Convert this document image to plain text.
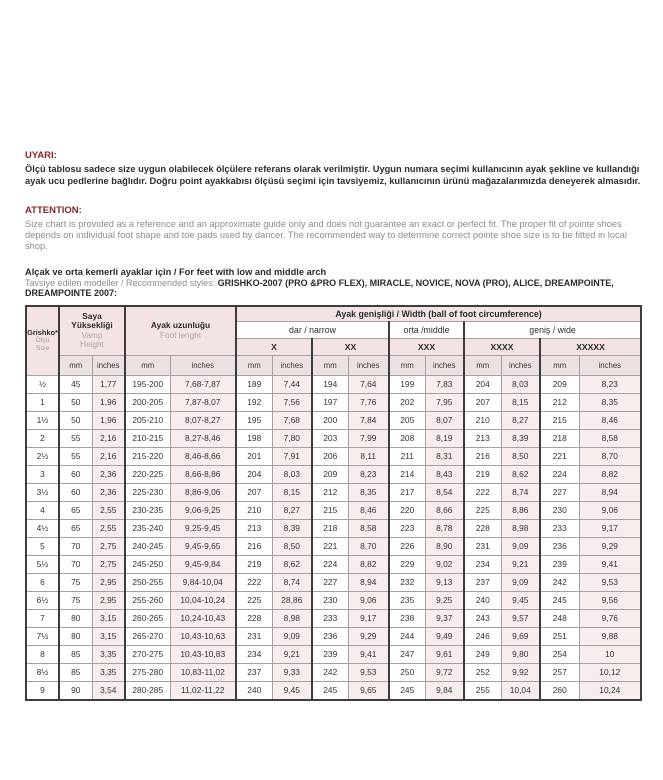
UYARI:

Ölçü tablosu sadece size uygun olabilecek ölçülere referans olarak verilmiştir. Uygun numara seçimi kullanıcının ayak şekline ve kullandığı ayak ucu pedlerine bağlıdır. Doğru point ayakkabısı ölçüsü seçimi için tavsiyemiz, kullanıcının ürünü mağazalarımızda deneyerek almasıdır.

ATTENTION:

Size chart is provided as a reference and an approximate guide only and does not guarantee an exact or perfect fit. The proper fit of pointe shoes depends on individual foot shape and toe pads used by dancer. The recommended way to determine correct pointe shoe size is to be fitted in local shop.

Alçak ve orta kemerli ayaklar için / For feet with low and middle arch

Tavsiye edilen modeller / Recommended styles: GRISHKO-2007 (PRO &PRO FLEX), MIRACLE, NOVICE, NOVA (PRO), ALICE, DREAMPOINTE, DREAMPOINTE 2007:

Grishko*
Ölçü
Size

Saya Yüksekliği
Vamp Height

Ayak uzunluğu
Foot lenght
	Ayak genişliği / Width (ball of foot circumference)
					dar / narrow				orta /middle		geniş / wide			
					X		XX		XXX		XXXX		XXXXX	
	mm	inches	mm	inches	mm	inches	mm	inches	mm	inches	mm	inches	mm	inches
½	45	1,77	195-200	7,68-7,87	189	7,44	194	7,64	199	7,83	204	8,03	209	8,23
1	50	1,96	200-205	7,87-8,07	192	7,56	197	7,76	202	7,95	207	8,15	212	8,35
1½	50	1,96	205-210	8,07-8,27	195	7,68	200	7,84	205	8,07	210	8,27	215	8,46
2	55	2,16	210-215	8,27-8,46	198	7,80	203	7,99	208	8,19	213	8,39	218	8,58
2½	55	2,16	215-220	8,46-8,66	201	7,91	206	8,11	211	8,31	216	8,50	221	8,70
3	60	2,36	220-225	8,66-8,86	204	8,03	209	8,23	214	8,43	219	8,62	224	8,82
3½	60	2,36	225-230	8,86-9,06	207	8,15	212	8,35	217	8,54	222	8,74	227	8,94
4	65	2,55	230-235	9,06-9,25	210	8,27	215	8,46	220	8,66	225	8,86	230	9,06
4½	65	2,55	235-240	9,25-9,45	213	8,39	218	8,58	223	8,78	228	8,98	233	9,17
5	70	2,75	240-245	9,45-9,65	216	8,50	221	8,70	226	8,90	231	9,09	236	9,29
5½	70	2,75	245-250	9,45-9,84	219	8,62	224	8,82	229	9,02	234	9,21	239	9,41
6	75	2,95	250-255	9,84-10,04	222	8,74	227	8,94	232	9,13	237	9,09	242	9,53
6½	75	2,95	255-260	10,04-10,24	225	28,86	230	9,06	235	9,25	240	9,45	245	9,56
7	80	3,15	260-265	10,24-10,43	228	8,98	233	9,17	238	9,37	243	9,57	248	9,76
7½	80	3,15	265-270	10,43-10,63	231	9,09	236	9,29	244	9,49	246	9,69	251	9,88
8	85	3,35	270-275	10,43-10,83	234	9,21	239	9,41	247	9,61	249	9,80	254	10
8½	85	3,35	275-280	10,83-11,02	237	9,33	242	9,53	250	9,72	252	9,92	257	10,12
9	90	3,54	280-285	11,02-11,22	240	9,45	245	9,65	245	9,84	255	10,04	260	10,24
